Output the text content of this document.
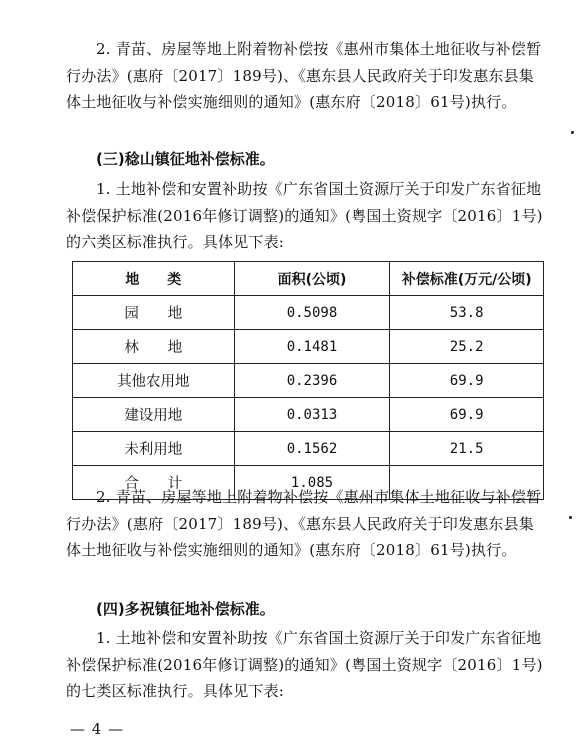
2. 青苗、房屋等地上附着物补偿按《惠州市集体土地征收与补偿暂行办法》(惠府〔2017〕189号)、《惠东县人民政府关于印发惠东县集体土地征收与补偿实施细则的通知》(惠东府〔2018〕61号)执行。

(三)稔山镇征地补偿标准。

1. 土地补偿和安置补助按《广东省国土资源厅关于印发广东省征地补偿保护标准(2016年修订调整)的通知》(粤国土资规字〔2016〕1号)的六类区标准执行。具体见下表:

地　　类	面积(公顷)	补偿标准(万元/公顷)
园　　地	0.5098	53.8
林　　地	0.1481	25.2
其他农用地	0.2396	69.9
建设用地	0.0313	69.9
未利用地	0.1562	21.5
合　　计	1.085	

2. 青苗、房屋等地上附着物补偿按《惠州市集体土地征收与补偿暂行办法》(惠府〔2017〕189号)、《惠东县人民政府关于印发惠东县集体土地征收与补偿实施细则的通知》(惠东府〔2018〕61号)执行。

(四)多祝镇征地补偿标准。

1. 土地补偿和安置补助按《广东省国土资源厅关于印发广东省征地补偿保护标准(2016年修订调整)的通知》(粤国土资规字〔2016〕1号)的七类区标准执行。具体见下表:

— 4 —
